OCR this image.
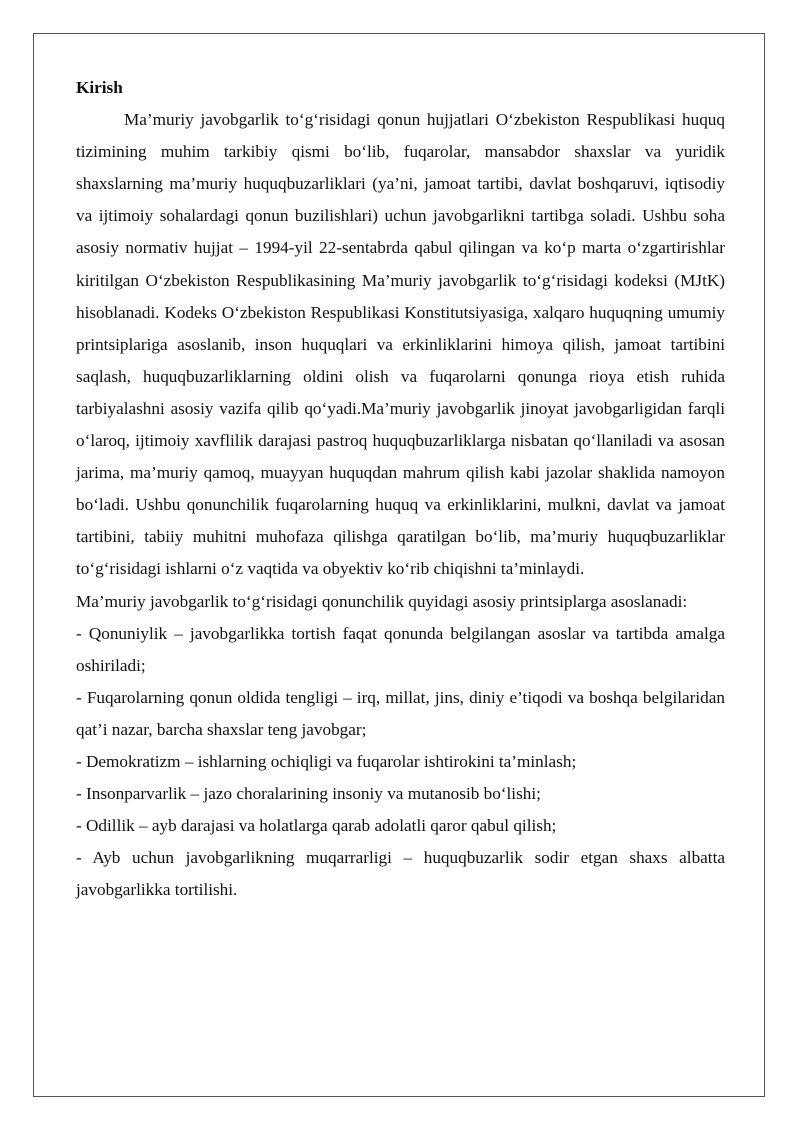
Kirish

Ma’muriy javobgarlik to‘g‘risidagi qonun hujjatlari O‘zbekiston Respublikasi huquq tizimining muhim tarkibiy qismi bo‘lib, fuqarolar, mansabdor shaxslar va yuridik shaxslarning ma’muriy huquqbuzarliklari (ya’ni, jamoat tartibi, davlat boshqaruvi, iqtisodiy va ijtimoiy sohalardagi qonun buzilishlari) uchun javobgarlikni tartibga soladi. Ushbu soha asosiy normativ hujjat – 1994-yil 22-sentabrda qabul qilingan va ko‘p marta o‘zgartirishlar kiritilgan O‘zbekiston Respublikasining Ma’muriy javobgarlik to‘g‘risidagi kodeksi (MJtK) hisoblanadi. Kodeks O‘zbekiston Respublikasi Konstitutsiyasiga, xalqaro huquqning umumiy printsiplariga asoslanib, inson huquqlari va erkinliklarini himoya qilish, jamoat tartibini saqlash, huquqbuzarliklarning oldini olish va fuqarolarni qonunga rioya etish ruhida tarbiyalashni asosiy vazifa qilib qo‘yadi.Ma’muriy javobgarlik jinoyat javobgarligidan farqli o‘laroq, ijtimoiy xavflilik darajasi pastroq huquqbuzarliklarga nisbatan qo‘llaniladi va asosan jarima, ma’muriy qamoq, muayyan huquqdan mahrum qilish kabi jazolar shaklida namoyon bo‘ladi. Ushbu qonunchilik fuqarolarning huquq va erkinliklarini, mulkni, davlat va jamoat tartibini, tabiiy muhitni muhofaza qilishga qaratilgan bo‘lib, ma’muriy huquqbuzarliklar to‘g‘risidagi ishlarni o‘z vaqtida va obyektiv ko‘rib chiqishni ta’minlaydi.

Ma’muriy javobgarlik to‘g‘risidagi qonunchilik quyidagi asosiy printsiplarga asoslanadi:

- Qonuniylik – javobgarlikka tortish faqat qonunda belgilangan asoslar va tartibda amalga oshiriladi;

- Fuqarolarning qonun oldida tengligi – irq, millat, jins, diniy e’tiqodi va boshqa belgilaridan qat’i nazar, barcha shaxslar teng javobgar;

- Demokratizm – ishlarning ochiqligi va fuqarolar ishtirokini ta’minlash;

- Insonparvarlik – jazo choralarining insoniy va mutanosib bo‘lishi;

- Odillik – ayb darajasi va holatlarga qarab adolatli qaror qabul qilish;

- Ayb uchun javobgarlikning muqarrarligi – huquqbuzarlik sodir etgan shaxs albatta javobgarlikka tortilishi.
